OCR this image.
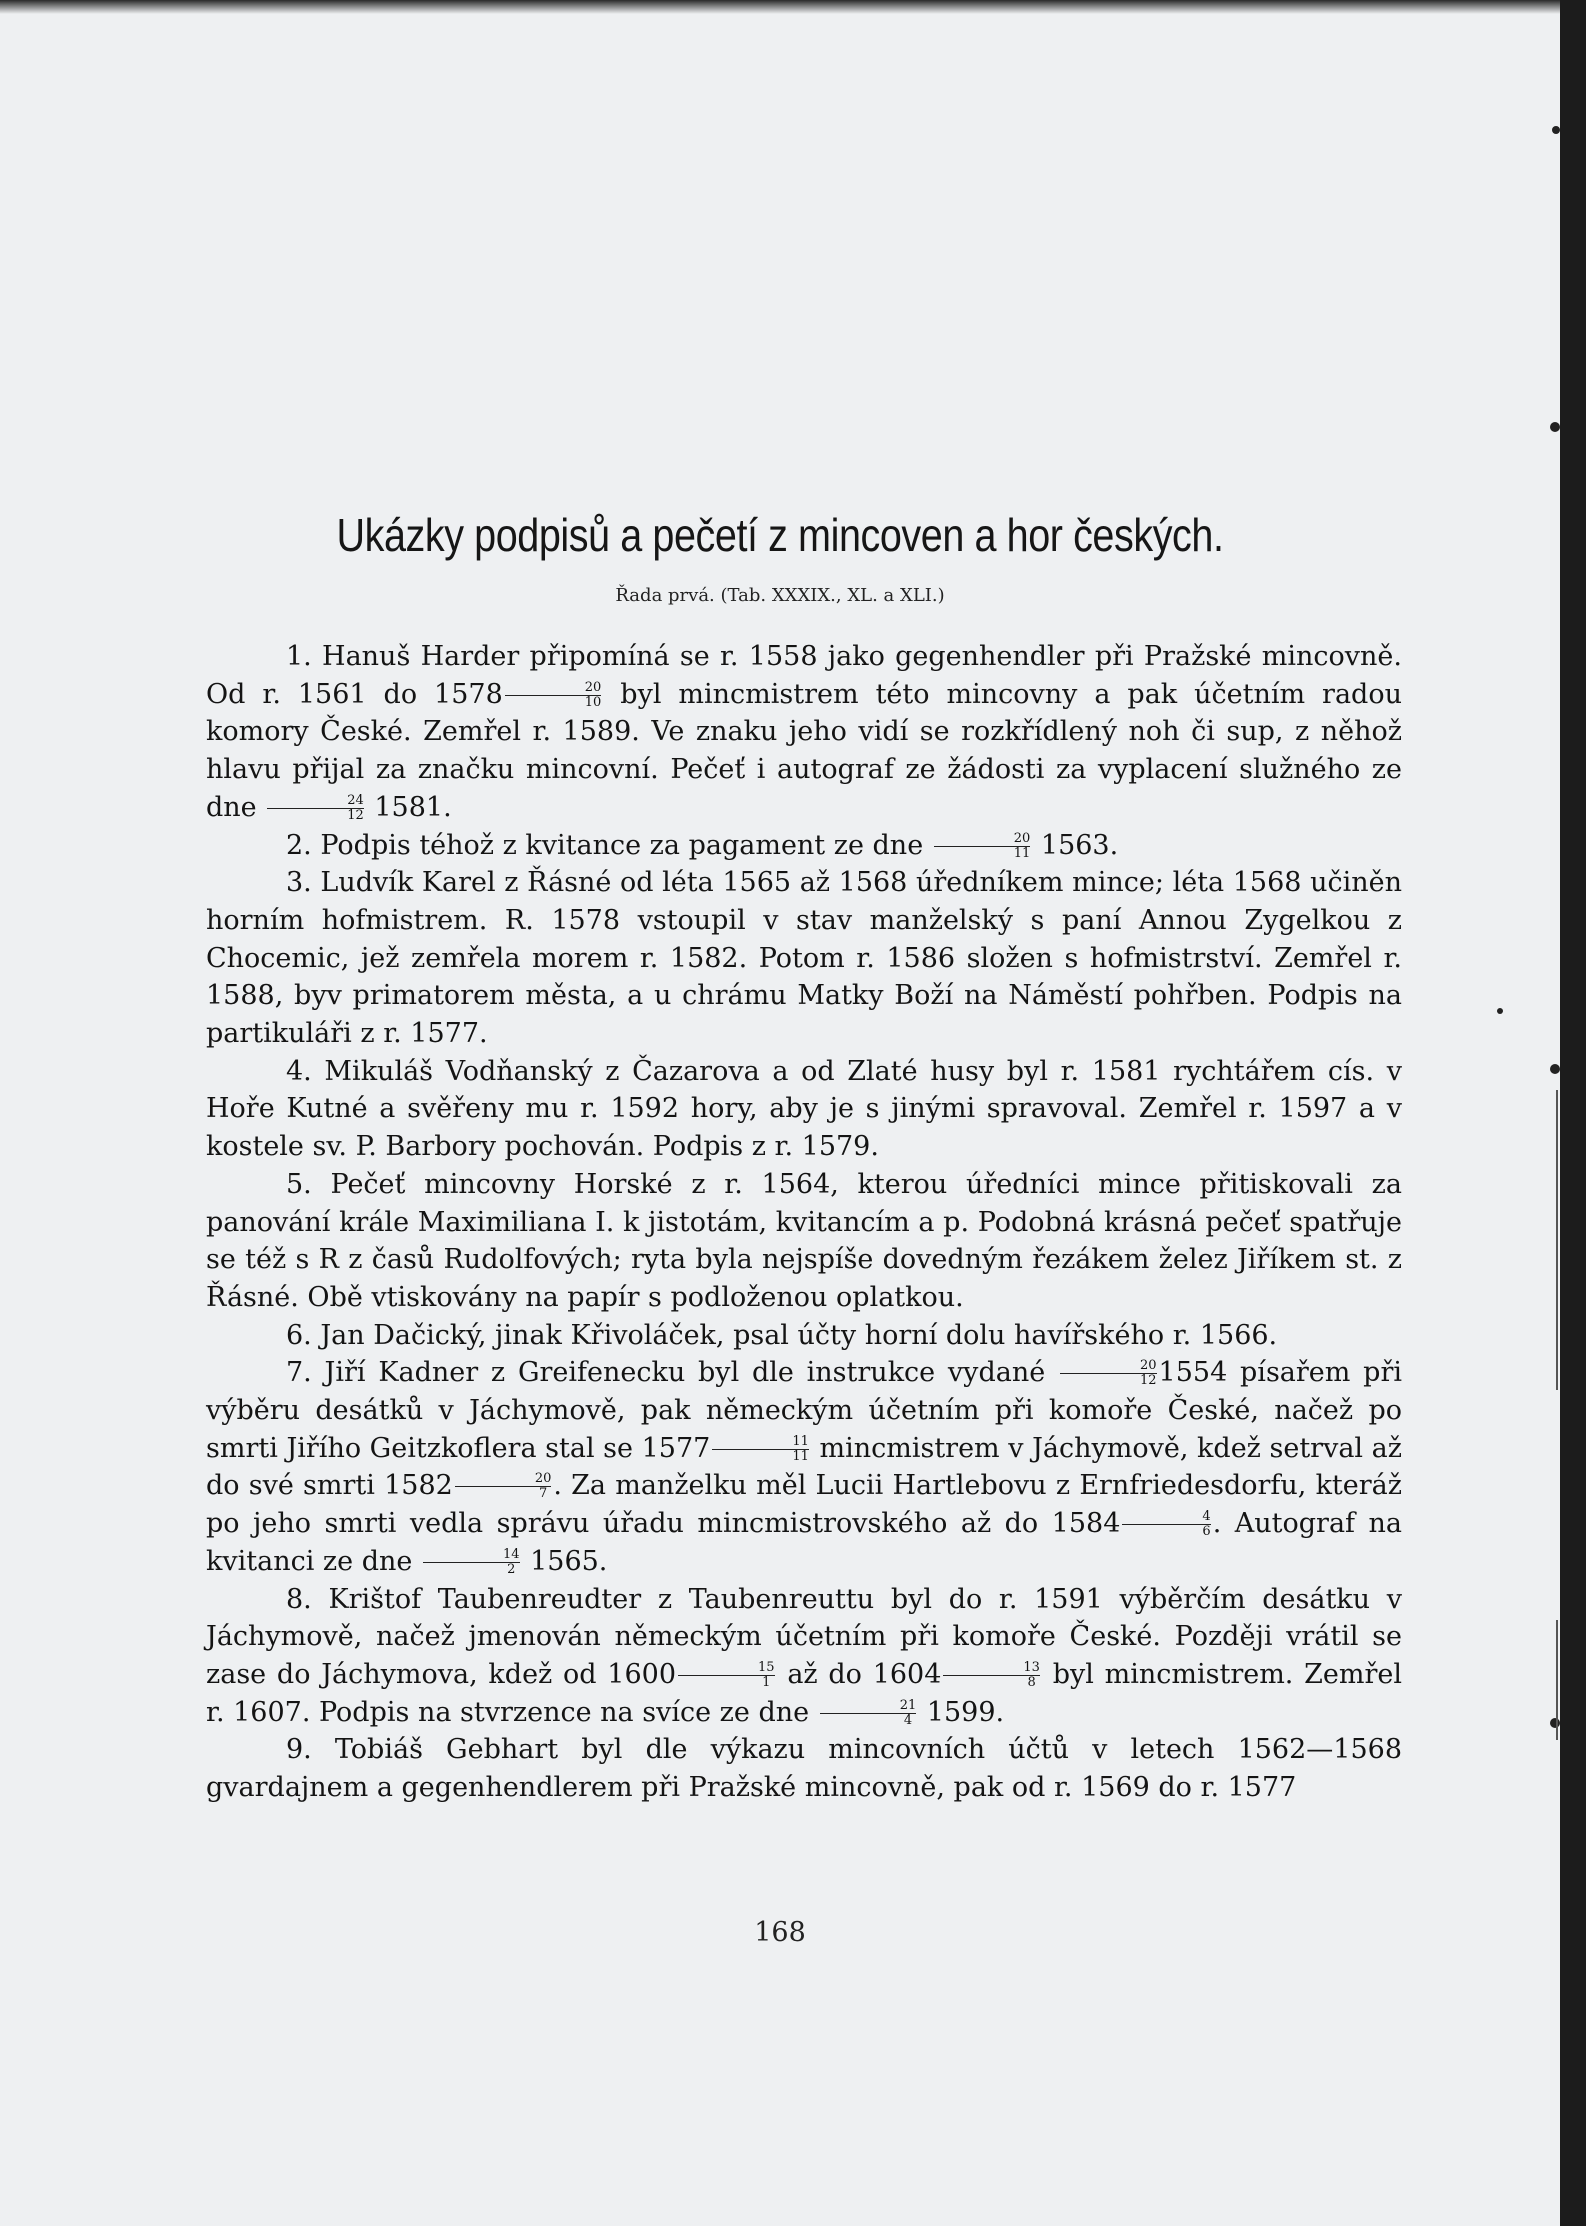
Ukázky podpisů a pečetí z mincoven a hor českých.
Řada prvá. (Tab. XXXIX., XL. a XLI.)

1. Hanuš Harder připomíná se r. 1558 jako gegenhendler při Pražské mincovně. Od r. 1561 do $1578 \frac{20}{10}$ byl mincmistrem této mincovny a pak účetním radou komory České. Zemřel r. 1589. Ve znaku jeho vidí se rozkřídlený noh či sup, z něhož hlavu přijal za značku mincovní. Pečeť i autograf ze žádosti za vyplacení služného ze dne $\frac{24}{12} 1581$.

2. Podpis téhož z kvitance za pagament ze dne $\frac{20}{11} 1563$.

3. Ludvík Karel z Řásné od léta 1565 až 1568 úředníkem mince; léta 1568 učiněn horním hofmistrem. R. 1578 vstoupil v stav manželský s paní Annou Zygelkou z Chocemic, jež zemřela morem r. 1582. Potom r. 1586 složen s hofmistrství. Zemřel r. 1588, byv primatorem města, a u chrámu Matky Boží na Náměstí pohřben. Podpis na partikuláři z r. 1577.

4. Mikuláš Vodňanský z Čazarova a od Zlaté husy byl r. 1581 rychtářem cís. v Hoře Kutné a svěřeny mu r. 1592 hory, aby je s jinými spravoval. Zemřel r. 1597 a v kostele sv. P. Barbory pochován. Podpis z r. 1579.

5. Pečeť mincovny Horské z r. 1564, kterou úředníci mince přitiskovali za panování krále Maximiliana I. k jistotám, kvitancím a p. Podobná krásná pečeť spatřuje se též s R z časů Rudolfových; ryta byla nejspíše dovedným řezákem želez Jiříkem st. z Řásné. Obě vtiskovány na papír s podloženou oplatkou.

6. Jan Dačický, jinak Křivoláček, psal účty horní dolu havířského r. 1566.

7. Jiří Kadner z Greifenecku byl dle instrukce vydané $\frac{20}{12} 1554$ písařem při výběru desátků v Jáchymově, pak německým účetním při komoře České, načež po smrti Jiřího Geitzkoflera stal se $1577 \frac{11}{11}$ mincmistrem v Jáchymově, kdež setrval až do své smrti $1582 \frac{20}{7}$ . Za manželku měl Lucii Hartlebovu z Ernfriedesdorfu, kteráž po jeho smrti vedla správu úřadu mincmistrovského až do $1584 \frac{4}{6}$ . Autograf na kvitanci ze dne $\frac{14}{2} 1565$.

8. Krištof Taubenreudter z Taubenreuttu byl do r. 1591 výběrčím desátku v Jáchymově, načež jmenován německým účetním při komoře České. Později vrátil se zase do Jáchymova, kdež od $1600 \frac{15}{1}$ až do $1604 \frac{13}{8}$ byl mincmistrem. Zemřel r. 1607. Podpis na stvrzence na svíce ze dne $\frac{21}{4} 1599$.

9. Tobiáš Gebhart byl dle výkazu mincovních účtů v letech 1562—1568 gvardajnem a gegenhendlerem při Pražské mincovně, pak od r. 1569 do r. 1577

168
